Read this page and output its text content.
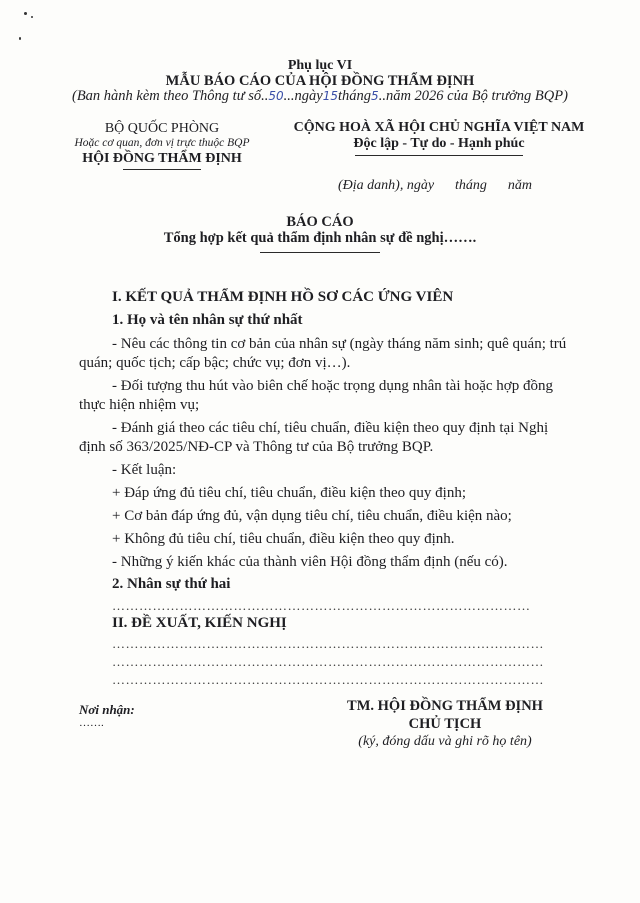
Phụ lục VI
MẪU BÁO CÁO CỦA HỘI ĐỒNG THẨM ĐỊNH
(Ban hành kèm theo Thông tư số..50...ngày15tháng5..năm 2026 của Bộ trưởng BQP)
BỘ QUỐC PHÒNG
Hoặc cơ quan, đơn vị trực thuộc BQP
HỘI ĐỒNG THẨM ĐỊNH
CỘNG HOÀ XÃ HỘI CHỦ NGHĨA VIỆT NAM
Độc lập - Tự do - Hạnh phúc
(Địa danh), ngày      tháng      năm
BÁO CÁO
Tổng hợp kết quả thẩm định nhân sự đề nghị…….
I. KẾT QUẢ THẨM ĐỊNH HỒ SƠ CÁC ỨNG VIÊN
1. Họ và tên nhân sự thứ nhất
- Nêu các thông tin cơ bản của nhân sự (ngày tháng năm sinh; quê quán; trú
quán; quốc tịch; cấp bậc; chức vụ; đơn vị…).
- Đối tượng thu hút vào biên chế hoặc trọng dụng nhân tài hoặc hợp đồng
thực hiện nhiệm vụ;
- Đánh giá theo các tiêu chí, tiêu chuẩn, điều kiện theo quy định tại Nghị
định số 363/2025/NĐ-CP và Thông tư của Bộ trưởng BQP.
- Kết luận:
+ Đáp ứng đủ tiêu chí, tiêu chuẩn, điều kiện theo quy định;
+ Cơ bản đáp ứng đủ, vận dụng tiêu chí, tiêu chuẩn, điều kiện nào;
+ Không đủ tiêu chí, tiêu chuẩn, điều kiện theo quy định.
- Những ý kiến khác của thành viên Hội đồng thẩm định (nếu có).
2. Nhân sự thứ hai
…………………………………………………………………………………
II. ĐỀ XUẤT, KIẾN NGHỊ
……………………………………………………………………………………
……………………………………………………………………………………
……………………………………………………………………………………
Nơi nhận:
…….
TM. HỘI ĐỒNG THẨM ĐỊNH
CHỦ TỊCH
(ký, đóng dấu và ghi rõ họ tên)
